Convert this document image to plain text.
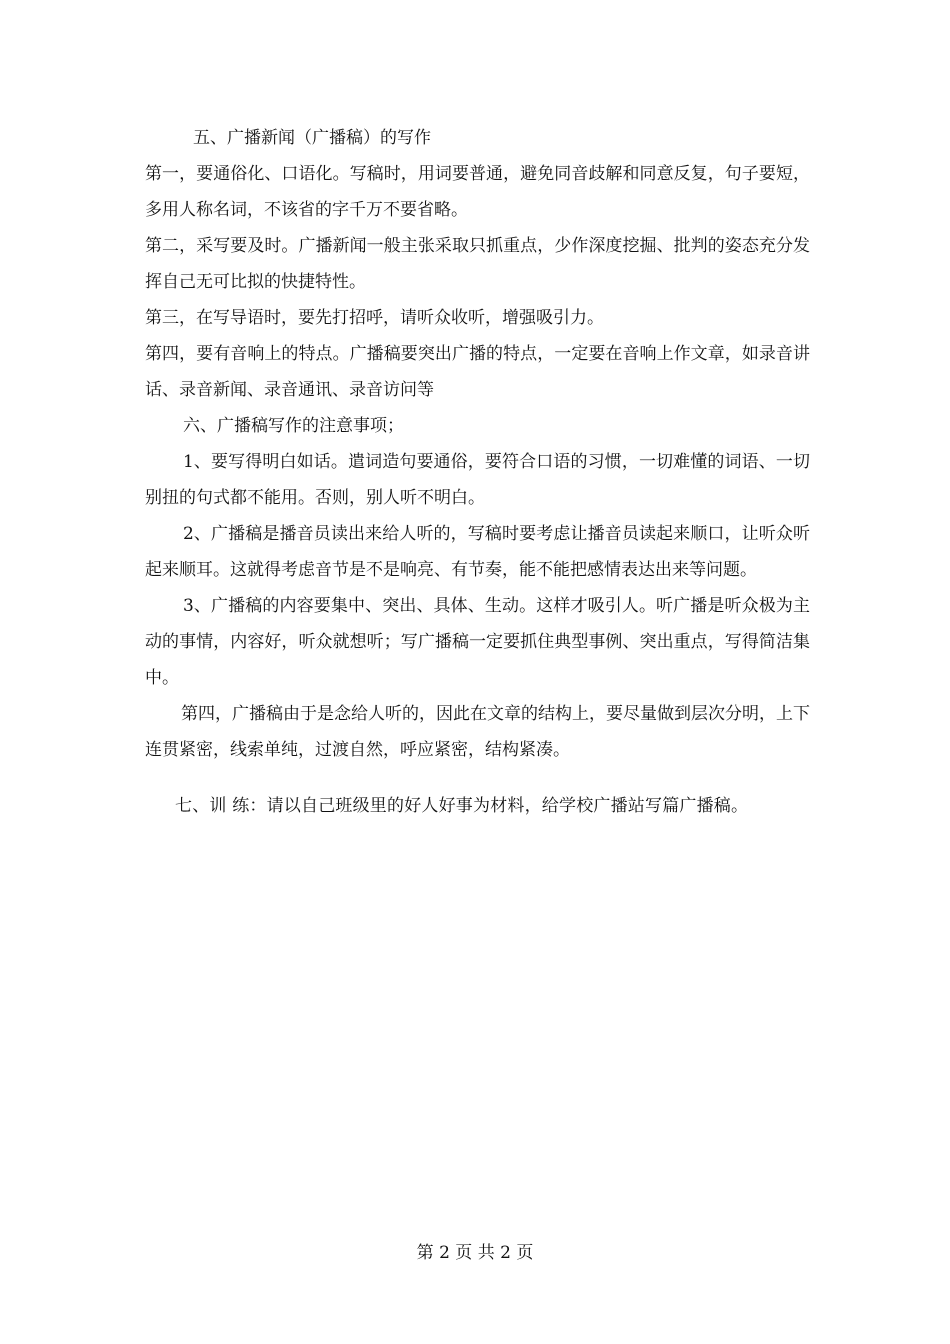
五、广播新闻（广播稿）的写作

第一，要通俗化、口语化。写稿时，用词要普通，避免同音歧解和同意反复，句子要短，多用人称名词，不该省的字千万不要省略。

第二，采写要及时。广播新闻一般主张采取只抓重点，少作深度挖掘、批判的姿态充分发挥自己无可比拟的快捷特性。

第三，在写导语时，要先打招呼，请听众收听，增强吸引力。

第四，要有音响上的特点。广播稿要突出广播的特点，一定要在音响上作文章，如录音讲话、录音新闻、录音通讯、录音访问等

六、广播稿写作的注意事项；

1、要写得明白如话。遣词造句要通俗，要符合口语的习惯，一切难懂的词语、一切别扭的句式都不能用。否则，别人听不明白。

2、广播稿是播音员读出来给人听的，写稿时要考虑让播音员读起来顺口，让听众听起来顺耳。这就得考虑音节是不是响亮、有节奏，能不能把感情表达出来等问题。

3、广播稿的内容要集中、突出、具体、生动。这样才吸引人。听广播是听众极为主动的事情，内容好，听众就想听；写广播稿一定要抓住典型事例、突出重点，写得简洁集中。

第四，广播稿由于是念给人听的，因此在文章的结构上，要尽量做到层次分明，上下连贯紧密，线索单纯，过渡自然，呼应紧密，结构紧凑。

七、训 练：请以自己班级里的好人好事为材料，给学校广播站写篇广播稿。

第 2 页 共 2 页
